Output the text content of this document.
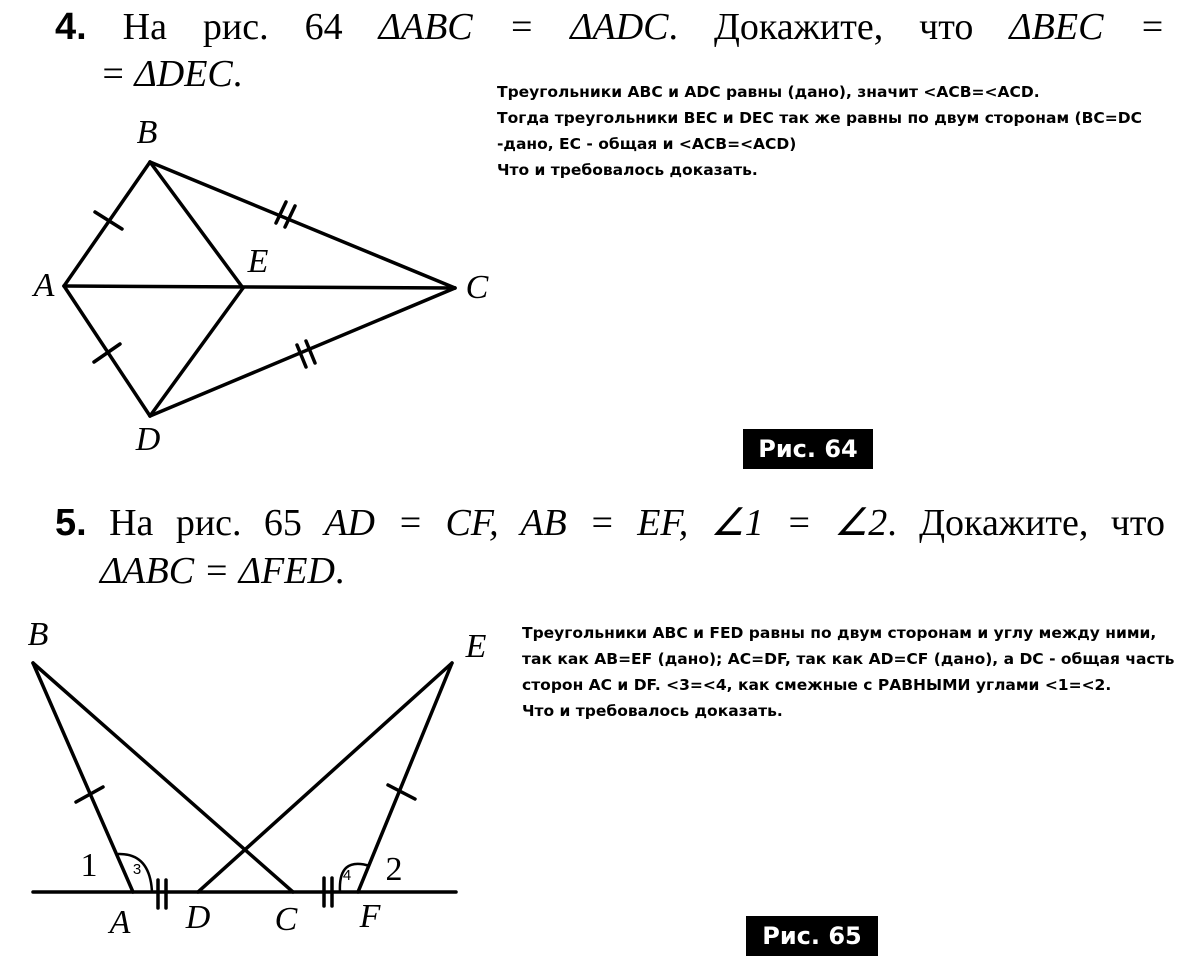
4. На рис. 64 ΔABC = ΔADC. Докажите, что ΔBEC =
= ΔDEC.	Треугольники ABC и ADC равны (дано), значит <ACB=<ACD.
Тогда треугольники BEC и DEC так же равны по двум сторонам (BC=DC
-дано, EC - общая и <ACB=<ACD)
Что и требовалось доказать.
B
A
E
C
D	Рис. 64
5. На рис. 65 AD = CF, AB = EF, ∠1 = ∠2. Докажите, что
ΔABC = ΔFED.
Треугольники ABC и FED равны по двум сторонам и углу между ними,
так как AB=EF (дано); AC=DF, так как AD=CF (дано), а DC - общая часть
сторон AC и DF. <3=<4, как смежные с РАВНЫМИ углами <1=<2.
Что и требовалось доказать.
B	E
A D C F
1	2
3	4
Рис. 65
